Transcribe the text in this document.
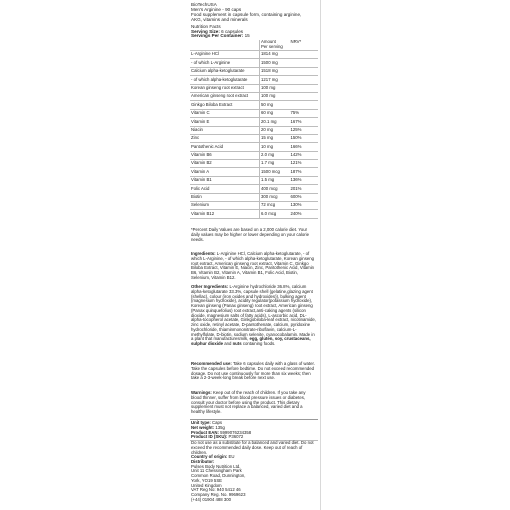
BioTechUSA
Men's Arginine - 90 caps
Food supplement in capsule form, containing arginine,
AKG, vitamins and minerals
Nutrition Facts
Serving Size: 6 capsules
Servings Per Container: 15
	Amount
Per serving	NRV*
L-Arginine HCl	1814 mg	
- of which L-Arginine	1500 mg	
Calcium alpha-ketoglutarate	1518 mg	
- of which alpha-ketoglutarate	1217 mg	
Korean ginseng root extract	100 mg	
American ginseng root extract	100 mg	
Ginkgo Biloba Extract	50 mg	
Vitamin C	60 mg	75%
Vitamin E	20.1 mg	167%
Niacin	20 mg	125%
Zinc	15 mg	150%
Pantothenic Acid	10 mg	166%
Vitamin B6	2.0 mg	142%
Vitamin B2	1.7 mg	121%
Vitamin A	1500 mcg	187%
Vitamin B1	1.5 mg	136%
Folic Acid	400 mcg	201%
Biotin	300 mcg	600%
Selenium	72 mcg	130%
Vitamin B12	6.0 mcg	240%
*Percent Daily Values are based on a 2,000 calorie diet. Your daily values may be higher or lower depending on your calorie needs.
Ingredients: L-Arginine HCl, Calcium alpha-ketoglutarate, - of which L-Arginine, - of which alpha-ketoglutarate, Korean ginseng root extract, American ginseng root extract, Vitamin C, Ginkgo Biloba Extract, Vitamin E, Niacin, Zinc, Pantothenic Acid, Vitamin B6, Vitamin B2, Vitamin A, Vitamin B1, Folic Acid, Biotin, Selenium, Vitamin B12.
Other Ingredients: L-Arginine hydrochloride 36.8%, calcium alpha-ketoglutarate 33.3%, capsule shell (gelatine,glazing agent (shellac), colour (iron oxides and hydroxides)), bulking agent (magnesium hydroxide), acidity regulator(potassium hydroxide), Korean ginseng (Panax ginseng) root extract, American ginseng (Panax quinquefolius) root extract,anti-caking agents (silicon dioxide, magnesium salts of fatty acids), L-ascorbic acid, DL-alpha-tocopherol acetate, Ginkgobiloba-leaf extract, nicotinamide, zinc oxide, retinyl acetate, D-pantothenate, calcium, pyridoxine hydrochloride, thiaminmononitrate-riboflavin, calcium-L-methylfolate, D-biotin, sodium selenite, cyanocobalamin. Made in a plant that manufacturesmilk, egg, gluten, soy, crustaceans, sulphur dioxide and nuts containing foods.
Recommended use: Take 6 capsules daily with a glass of water. Take the capsules before bedtime. Do not exceed recommended dosage. Do not use continuously for more than six weeks; then take a 2-3-week-long break before next use.
Warnings: Keep out of the reach of children. If you take any blood thinner, suffer from blood pressure issues or diabetes, consult your doctor before using the product. This dietary supplement must not replace a balanced, varied diet and a healthy lifestyle.
Unit type: Caps
Net weight: 135g
Product EAN: 5999076234358
Product ID (SKU): P36072
Do not use as a substitute for a balanced and varied diet. Do not exceed the recommended daily dose. Keep out of reach of children.
Country of origin: EU
Distributor:
Pulses Body Nutrition Ltd.
Unit 11 Chessingham Park
Common Road, Dunnington,
York, YO19 5SE
United Kingdom
VAT Reg No: 940 5412 46
Company Reg. No. 9969623
(+44) 01904 488 300
